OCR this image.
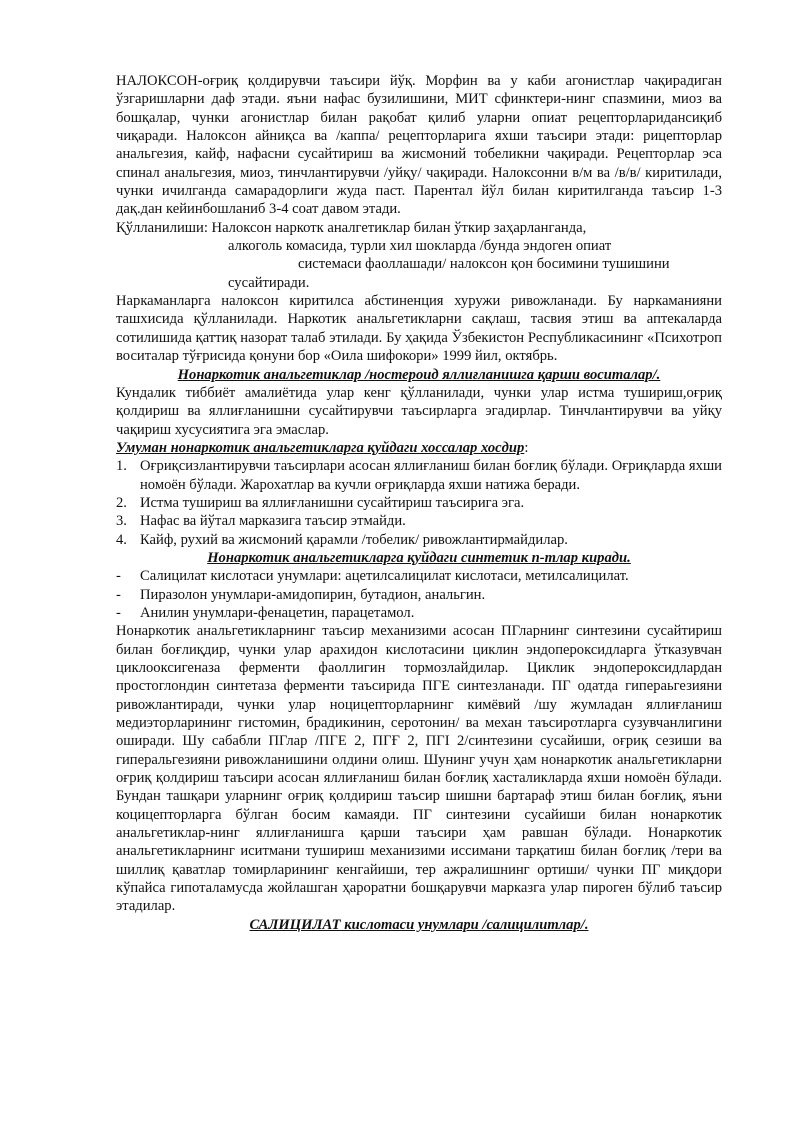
НАЛОКСОН-оғриқ қолдирувчи таъсири йўқ. Морфин ва у каби агонистлар чақирадиган ўзгаришларни даф этади. яъни нафас бузилишини, МИТ сфинктери-нинг спазмини, миоз ва бошқалар, чунки агонистлар билан рақобат қилиб уларни опиат рецепторларидансиқиб чиқаради. Налоксон айниқса ва /каппа/ рецепторларига яхши таъсири этади: рицепторлар анальгезия, кайф, нафасни сусайтириш ва жисмоний тобеликни чақиради. Рецепторлар эса спинал анальгезия, миоз, тинчлантирувчи /уйқу/ чақиради. Налоксонни в/м ва /в/в/ киритилади, чунки ичилганда самарадорлиги жуда паст. Парентал йўл билан киритилганда таъсир 1-3 дақ.дан кейинбошланиб 3-4 соат давом этади.

Қўлланилиши: Налоксон наркотк аналгетиклар билан ўткир заҳарланганда,

алкоголь комасида, турли хил шокларда /бунда эндоген опиат

системаси фаоллашади/ налоксон қон босимини тушишини

сусайтиради.

Наркаманларга налоксон киритилса абстиненция хуружи ривожланади. Бу наркаманияни ташхисида қўлланилади. Наркотик анальгетикларни сақлаш, тасвия этиш ва аптекаларда сотилишида қаттиқ назорат талаб этилади. Бу ҳақида Ўзбекистон Республикасининг «Психотроп воситалар тўғрисида қонуни бор «Оила шифокори» 1999 йил, октябрь.

Нонаркотик анальгетиклар /ностероид яллиғланишга қарши воситалар/.

Кундалик тиббиёт амалиётида улар кенг қўлланилади, чунки улар истма тушириш,оғриқ қолдириш ва яллиғланишни сусайтирувчи таъсирларга эгадирлар. Тинчлантирувчи ва уйқу чақириш хусусиятига эга эмаслар.

Умуман нонаркотик анальгетикларга қуйдаги хоссалар хосдир:

1. Оғриқсизлантирувчи таъсирлари асосан яллиғланиш билан боғлиқ бўлади. Оғриқларда яхши номоён бўлади. Жарохатлар ва кучли оғриқларда яхши натижа беради.
2. Истма тушириш ва яллиғланишни сусайтириш таъсирига эга.
3. Нафас ва йўтал марказига таъсир этмайди.
4. Кайф, рухий ва жисмоний қарамли /тобелик/ ривожлантирмайдилар.

Нонаркотик анальгетикларга қуйдаги синтетик п-тлар киради.

- Салицилат кислотаси унумлари: ацетилсалицилат кислотаси, метилсалицилат.
- Пиразолон унумлари-амидопирин, бутадион, анальгин.
- Анилин унумлари-фенацетин, парацетамол.

Нонаркотик анальгетикларнинг таъсир механизими асосан ПГларнинг синтезини сусайтириш билан боғлиқдир, чунки улар арахидон кислотасини циклин эндопероксидларга ўтказувчан циклооксигеназа ферменти фаоллигин тормозлайдилар. Циклик эндопероксидлардан простоглондин синтетаза ферменти таъсирида ПГЕ синтезланади. ПГ одатда гипераьгезияни ривожлантиради, чунки улар ноцицепторларнинг кимёвий /шу жумладан яллиғланиш медиэторларининг гистомин, брадикинин, серотонин/ ва механ таъсиротларга сузувчанлигини оширади. Шу сабабли ПГлар /ПГЕ 2, ПГҒ 2, ПГІ 2/синтезини сусайиши, оғриқ сезиши ва гиперальгезияни ривожланишини олдини олиш. Шунинг учун ҳам нонаркотик анальгетикларни оғриқ қолдириш таъсири асосан яллиғланиш билан боғлиқ хасталикларда яхши номоён бўлади. Бундан ташқари уларнинг оғриқ қолдириш таъсир шишни бартараф этиш билан боғлиқ, яъни коцицепторларга бўлган босим камаяди. ПГ синтезини сусайиши билан нонаркотик анальгетиклар-нинг яллиғланишга қарши таъсири ҳам равшан бўлади. Нонаркотик анальгетикларнинг иситмани тушириш механизими иссимани тарқатиш билан боғлиқ /тери ва шиллиқ қаватлар томирларининг кенгайиши, тер ажралишнинг ортиши/ чунки ПГ миқдори кўпайса гипоталамусда жойлашган ҳароратни бошқарувчи марказга улар пироген бўлиб таъсир этадилар.

САЛИЦИЛАТ кислотаси унумлари /салицилитлар/.
